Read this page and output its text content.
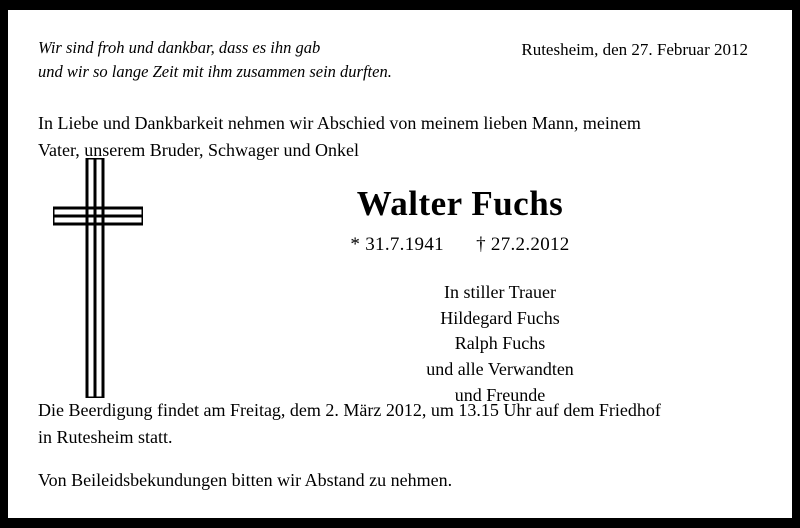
Wir sind froh und dankbar, dass es ihn gab
und wir so lange Zeit mit ihm zusammen sein durften.
Rutesheim, den 27. Februar 2012
In Liebe und Dankbarkeit nehmen wir Abschied von meinem lieben Mann, meinem
Vater, unserem Bruder, Schwager und Onkel
Walter Fuchs
* 31.7.1941 † 27.2.2012
In stiller Trauer
Hildegard Fuchs
Ralph Fuchs
und alle Verwandten
und Freunde
Die Beerdigung findet am Freitag, dem 2. März 2012, um 13.15 Uhr auf dem Friedhof
in Rutesheim statt.
Von Beileidsbekundungen bitten wir Abstand zu nehmen.
